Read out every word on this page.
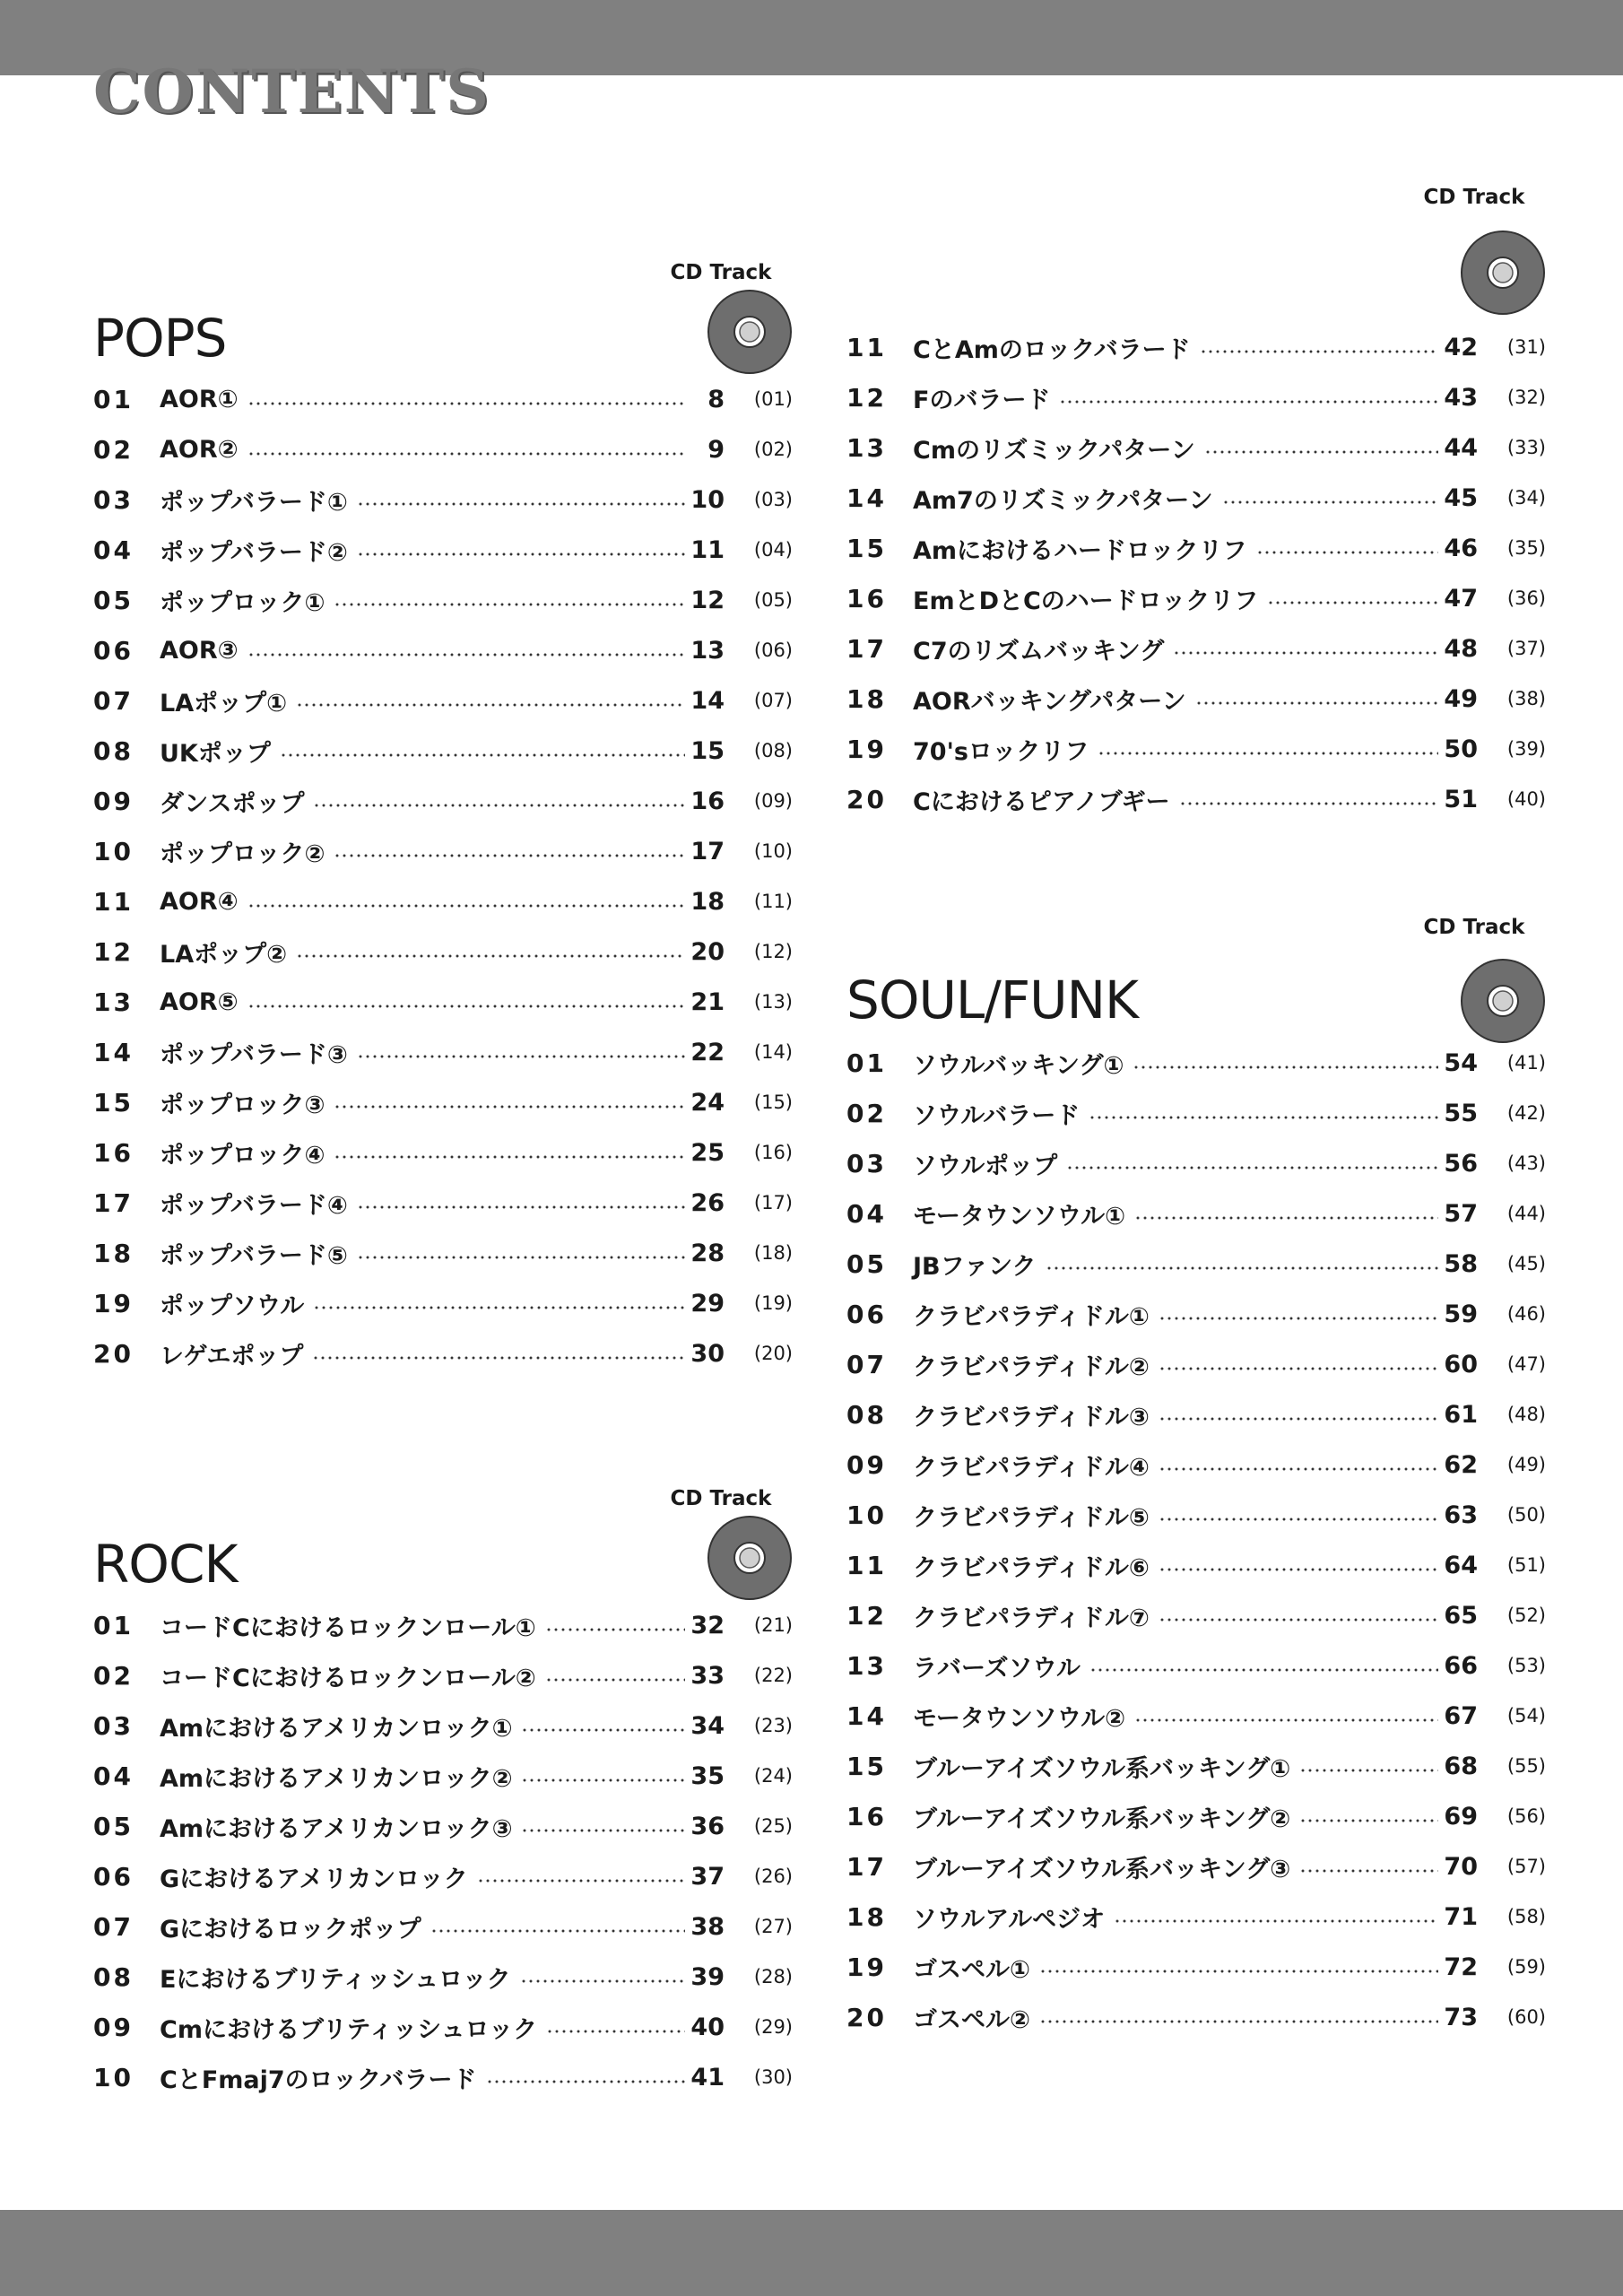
CONTENTS
CD Track
POPS
01	AOR①	8	(01)
02	AOR②	9	(02)
03	ポップバラード①	10	(03)
04	ポップバラード②	11	(04)
05	ポップロック①	12	(05)
06	AOR③	13	(06)
07	LAポップ①	14	(07)
08	UKポップ	15	(08)
09	ダンスポップ	16	(09)
10	ポップロック②	17	(10)
11	AOR④	18	(11)
12	LAポップ②	20	(12)
13	AOR⑤	21	(13)
14	ポップバラード③	22	(14)
15	ポップロック③	24	(15)
16	ポップロック④	25	(16)
17	ポップバラード④	26	(17)
18	ポップバラード⑤	28	(18)
19	ポップソウル	29	(19)
20	レゲエポップ	30	(20)
CD Track
ROCK
01	コードCにおけるロックンロール①	32	(21)
02	コードCにおけるロックンロール②	33	(22)
03	Amにおけるアメリカンロック①	34	(23)
04	Amにおけるアメリカンロック②	35	(24)
05	Amにおけるアメリカンロック③	36	(25)
06	Gにおけるアメリカンロック	37	(26)
07	Gにおけるロックポップ	38	(27)
08	Eにおけるブリティッシュロック	39	(28)
09	Cmにおけるブリティッシュロック	40	(29)
10	CとFmaj7のロックバラード	41	(30)
CD Track
11	CとAmのロックバラード	42	(31)
12	Fのバラード	43	(32)
13	Cmのリズミックパターン	44	(33)
14	Am7のリズミックパターン	45	(34)
15	Amにおけるハードロックリフ	46	(35)
16	EmとDとCのハードロックリフ	47	(36)
17	C7のリズムバッキング	48	(37)
18	AORバッキングパターン	49	(38)
19	70'sロックリフ	50	(39)
20	Cにおけるピアノブギー	51	(40)
CD Track
SOUL/FUNK
01	ソウルバッキング①	54	(41)
02	ソウルバラード	55	(42)
03	ソウルポップ	56	(43)
04	モータウンソウル①	57	(44)
05	JBファンク	58	(45)
06	クラビパラディドル①	59	(46)
07	クラビパラディドル②	60	(47)
08	クラビパラディドル③	61	(48)
09	クラビパラディドル④	62	(49)
10	クラビパラディドル⑤	63	(50)
11	クラビパラディドル⑥	64	(51)
12	クラビパラディドル⑦	65	(52)
13	ラバーズソウル	66	(53)
14	モータウンソウル②	67	(54)
15	ブルーアイズソウル系バッキング①	68	(55)
16	ブルーアイズソウル系バッキング②	69	(56)
17	ブルーアイズソウル系バッキング③	70	(57)
18	ソウルアルペジオ	71	(58)
19	ゴスペル①	72	(59)
20	ゴスペル②	73	(60)
